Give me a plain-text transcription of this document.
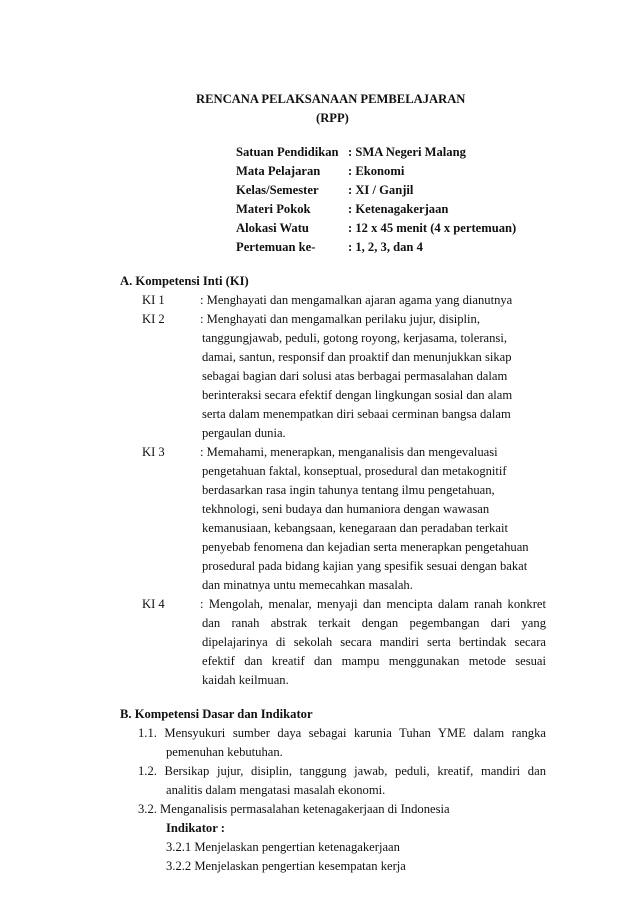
RENCANA PELAKSANAAN PEMBELAJARAN
(RPP)
Satuan Pendidikan : SMA Negeri Malang
Mata Pelajaran : Ekonomi
Kelas/Semester : XI / Ganjil
Materi Pokok	: Ketenagakerjaan
Alokasi Watu	: 12 x 45 menit (4 x pertemuan)
Pertemuan ke-	: 1, 2, 3, dan 4
A. Kompetensi Inti (KI)
KI 1	: Menghayati dan mengamalkan ajaran agama yang dianutnya
KI 2	: Menghayati dan mengamalkan perilaku jujur, disiplin,
tanggungjawab, peduli, gotong royong, kerjasama, toleransi,
damai, santun, responsif dan proaktif dan menunjukkan sikap
sebagai bagian dari solusi atas berbagai permasalahan dalam
berinteraksi secara efektif dengan lingkungan sosial dan alam
serta dalam menempatkan diri sebaai cerminan bangsa dalam
pergaulan dunia.
KI 3	: Memahami, menerapkan, menganalisis dan mengevaluasi
pengetahuan faktal, konseptual, prosedural dan metakognitif
berdasarkan rasa ingin tahunya tentang ilmu pengetahuan,
tekhnologi, seni budaya dan humaniora dengan wawasan
kemanusiaan, kebangsaan, kenegaraan dan peradaban terkait
penyebab fenomena dan kejadian serta menerapkan pengetahuan
prosedural pada bidang kajian yang spesifik sesuai dengan bakat
dan minatnya untu memecahkan masalah.
KI 4	: Mengolah, menalar, menyaji dan mencipta dalam ranah konkret
dan ranah abstrak terkait dengan pegembangan dari yang
dipelajarinya di sekolah secara mandiri serta bertindak secara
efektif dan kreatif dan mampu menggunakan metode sesuai
kaidah keilmuan.
B. Kompetensi Dasar dan Indikator
1.1. Mensyukuri sumber daya sebagai karunia Tuhan YME dalam rangka
pemenuhan kebutuhan.
1.2. Bersikap jujur, disiplin, tanggung jawab, peduli, kreatif, mandiri dan
analitis dalam mengatasi masalah ekonomi.
3.2. Menganalisis permasalahan ketenagakerjaan di Indonesia
Indikator :
3.2.1 Menjelaskan pengertian ketenagakerjaan
3.2.2 Menjelaskan pengertian kesempatan kerja
